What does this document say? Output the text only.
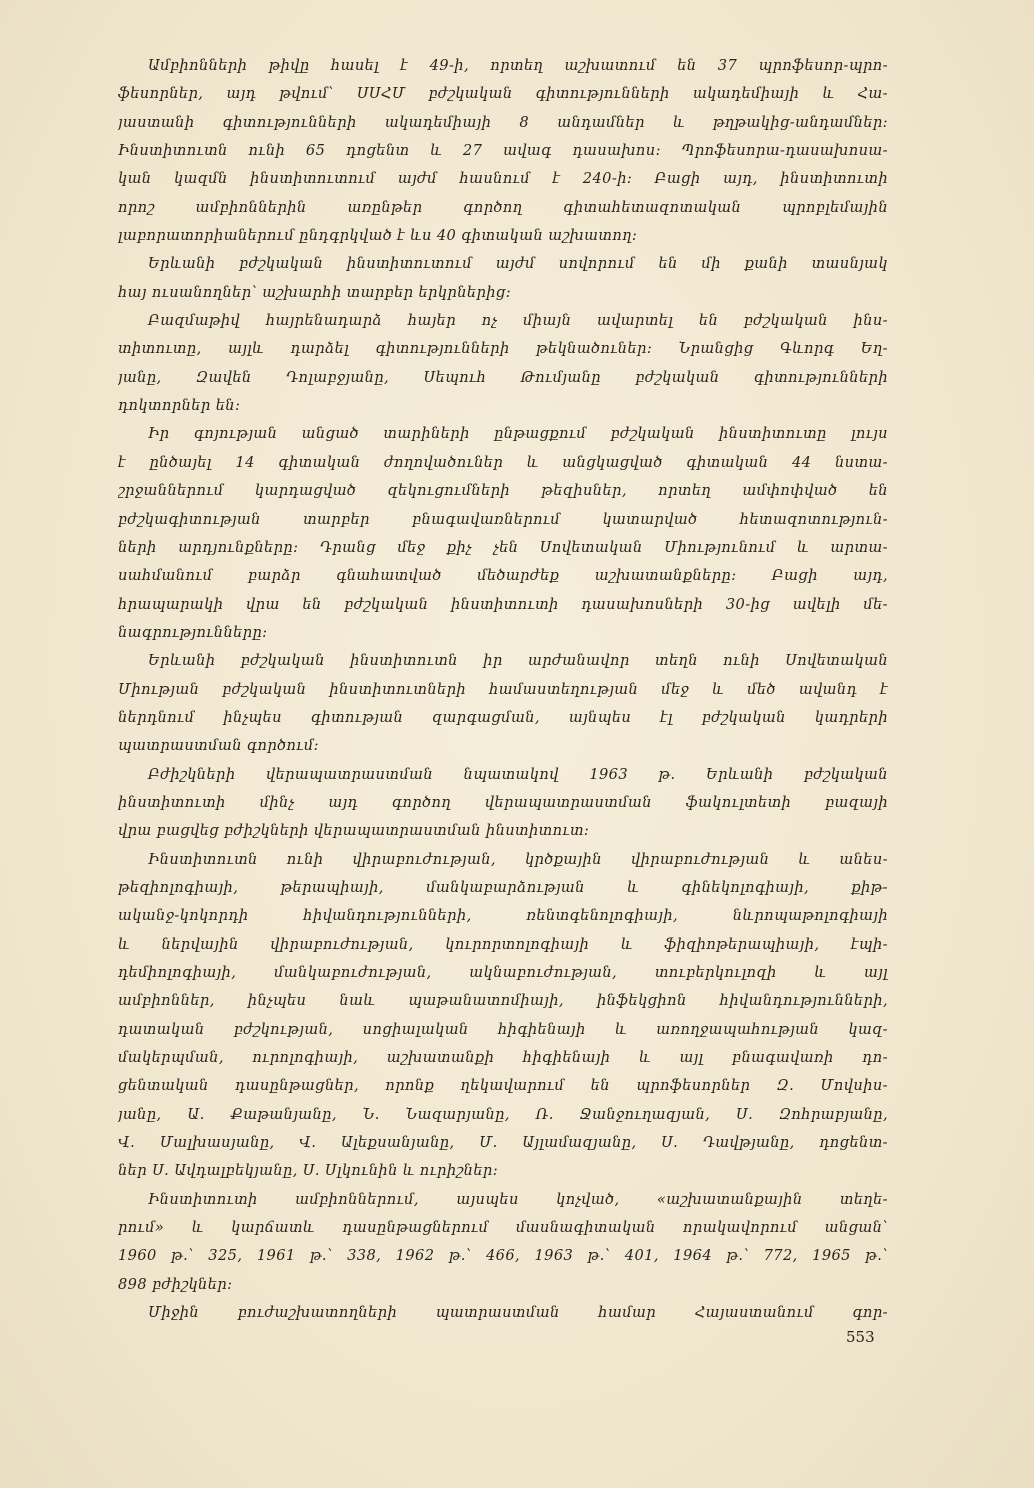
Ամբիոնների թիվը հասել է 49-ի, որտեղ աշխատում են 37 պրոֆեսոր-պրո-
ֆեսորներ, այդ թվում՝ ՍՍՀՄ բժշկական գիտությունների ակադեմիայի և Հա-
յաստանի գիտությունների ակադեմիայի 8 անդամներ և թղթակից-անդամներ:
Ինստիտուտն ունի 65 դոցենտ և 27 ավագ դասախոս: Պրոֆեսորա-դասախոսա-
կան կազմն ինստիտուտում այժմ հասնում է 240-ի: Բացի այդ, ինստիտուտի
որոշ ամբիոններին առընթեր գործող գիտահետազոտական պրոբլեմային
լաբորատորիաներում ընդգրկված է ևս 40 գիտական աշխատող:
Երևանի բժշկական ինստիտուտում այժմ սովորում են մի քանի տասնյակ
հայ ուսանողներ՝ աշխարհի տարբեր երկրներից:
Բազմաթիվ հայրենադարձ հայեր ոչ միայն ավարտել են բժշկական ինս-
տիտուտը, այլև դարձել գիտությունների թեկնածուներ: Նրանցից Գևորգ Եղ-
յանը, Զավեն Դոլաբջյանը, Սեպուհ Թումյանը բժշկական գիտությունների
դոկտորներ են:
Իր գոյության անցած տարիների ընթացքում բժշկական ինստիտուտը լույս
է ընծայել 14 գիտական ժողովածուներ և անցկացված գիտական 44 նստա-
շրջաններում կարդացված զեկուցումների թեզիսներ, որտեղ ամփոփված են
բժշկագիտության տարբեր բնագավառներում կատարված հետազոտություն-
ների արդյունքները: Դրանց մեջ քիչ չեն Սովետական Միությունում և արտա-
սահմանում բարձր գնահատված մեծարժեք աշխատանքները: Բացի այդ,
հրապարակի վրա են բժշկական ինստիտուտի դասախոսների 30-ից ավելի մե-
նագրությունները:
Երևանի բժշկական ինստիտուտն իր արժանավոր տեղն ունի Սովետական
Միության բժշկական ինստիտուտների համաստեղության մեջ և մեծ ավանդ է
ներդնում ինչպես գիտության զարգացման, այնպես էլ բժշկական կադրերի
պատրաստման գործում:
Բժիշկների վերապատրաստման նպատակով 1963 թ. Երևանի բժշկական
ինստիտուտի մինչ այդ գործող վերապատրաստման ֆակուլտետի բազայի
վրա բացվեց բժիշկների վերապատրաստման ինստիտուտ:
Ինստիտուտն ունի վիրաբուժության, կրծքային վիրաբուժության և անես-
թեզիոլոգիայի, թերապիայի, մանկաբարձության և գինեկոլոգիայի, քիթ-
ականջ-կոկորդի հիվանդությունների, ռենտգենոլոգիայի, նևրոպաթոլոգիայի
և ներվային վիրաբուժության, կուրորտոլոգիայի և ֆիզիոթերապիայի, էպի-
դեմիոլոգիայի, մանկաբուժության, ակնաբուժության, տուբերկուլոզի և այլ
ամբիոններ, ինչպես նաև պաթանատոմիայի, ինֆեկցիոն հիվանդությունների,
դատական բժշկության, սոցիալական հիգիենայի և առողջապահության կազ-
մակերպման, ուրոլոգիայի, աշխատանքի հիգիենայի և այլ բնագավառի դո-
ցենտական դասընթացներ, որոնք ղեկավարում են պրոֆեսորներ Զ. Մովսիս-
յանը, Ա. Քաթանյանը, Ն. Նազարյանը, Ռ. Ջանջուղազյան, Ս. Զոհրաբյանը,
Վ. Մալխասյանը, Վ. Ալեքսանյանը, Մ. Այլամազյանը, Ս. Դավթյանը, դոցենտ-
ներ Ս. Ավդալբեկյանը, Ս. Սլկունին և ուրիշներ:
Ինստիտուտի ամբիոններում, այսպես կոչված, «աշխատանքային տեղե-
րում» և կարճատև դասընթացներում մասնագիտական որակավորում անցան՝
1960 թ.՝ 325, 1961 թ.՝ 338, 1962 թ.՝ 466, 1963 թ.՝ 401, 1964 թ.՝ 772, 1965 թ.՝
898 բժիշկներ:
Միջին բուժաշխատողների պատրաստման համար Հայաստանում գոր-
553
